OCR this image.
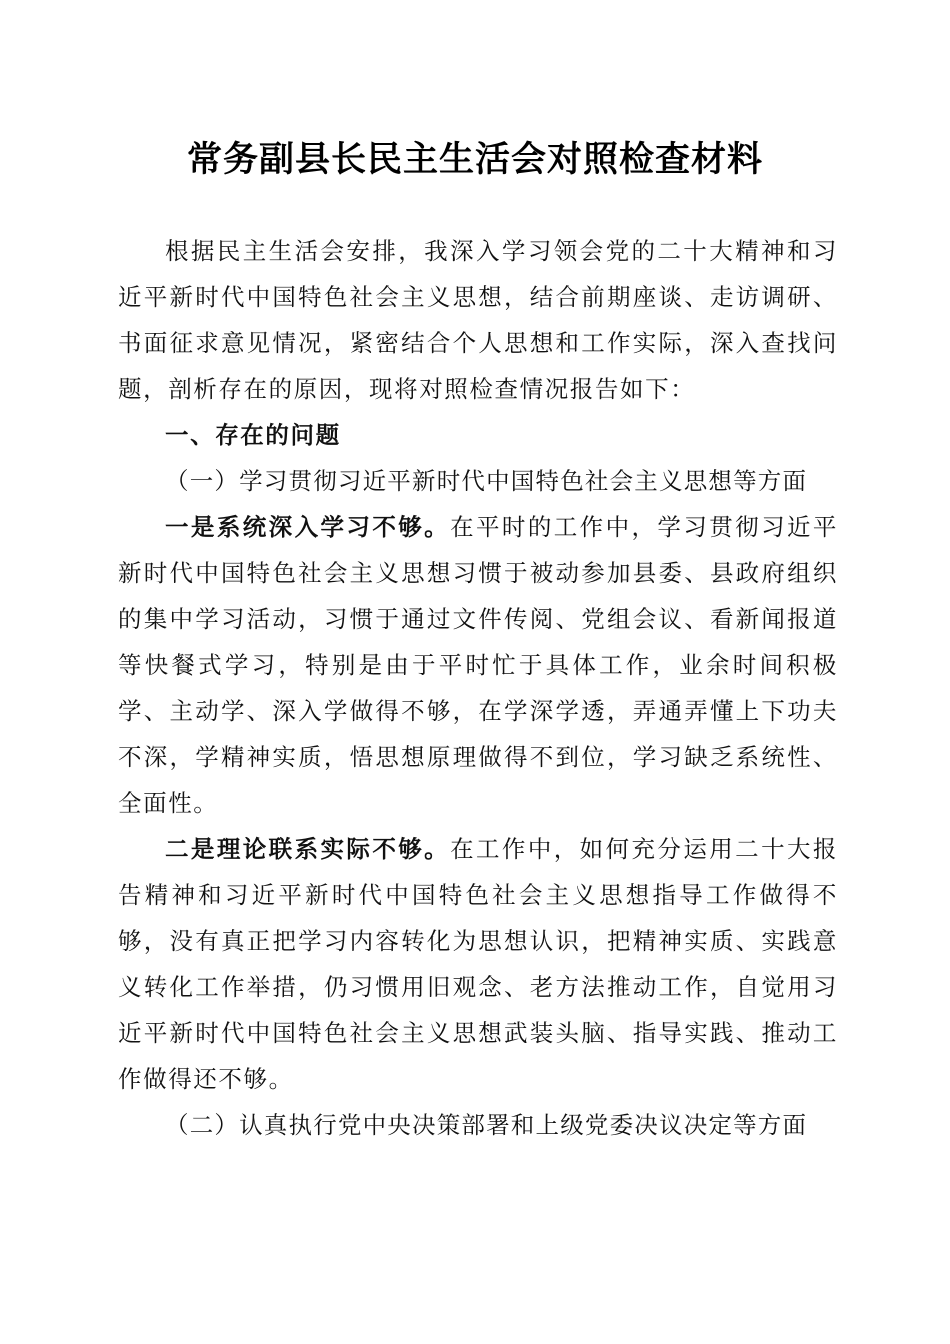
常务副县长民主生活会对照检查材料

根据民主生活会安排，我深入学习领会党的二十大精神和习近平新时代中国特色社会主义思想，结合前期座谈、走访调研、书面征求意见情况，紧密结合个人思想和工作实际，深入查找问题，剖析存在的原因，现将对照检查情况报告如下：

一、存在的问题

（一）学习贯彻习近平新时代中国特色社会主义思想等方面

一是系统深入学习不够。在平时的工作中，学习贯彻习近平新时代中国特色社会主义思想习惯于被动参加县委、县政府组织的集中学习活动，习惯于通过文件传阅、党组会议、看新闻报道等快餐式学习，特别是由于平时忙于具体工作，业余时间积极学、主动学、深入学做得不够，在学深学透，弄通弄懂上下功夫不深，学精神实质，悟思想原理做得不到位，学习缺乏系统性、全面性。

二是理论联系实际不够。在工作中，如何充分运用二十大报告精神和习近平新时代中国特色社会主义思想指导工作做得不够，没有真正把学习内容转化为思想认识，把精神实质、实践意义转化工作举措，仍习惯用旧观念、老方法推动工作，自觉用习近平新时代中国特色社会主义思想武装头脑、指导实践、推动工作做得还不够。

（二）认真执行党中央决策部署和上级党委决议决定等方面
